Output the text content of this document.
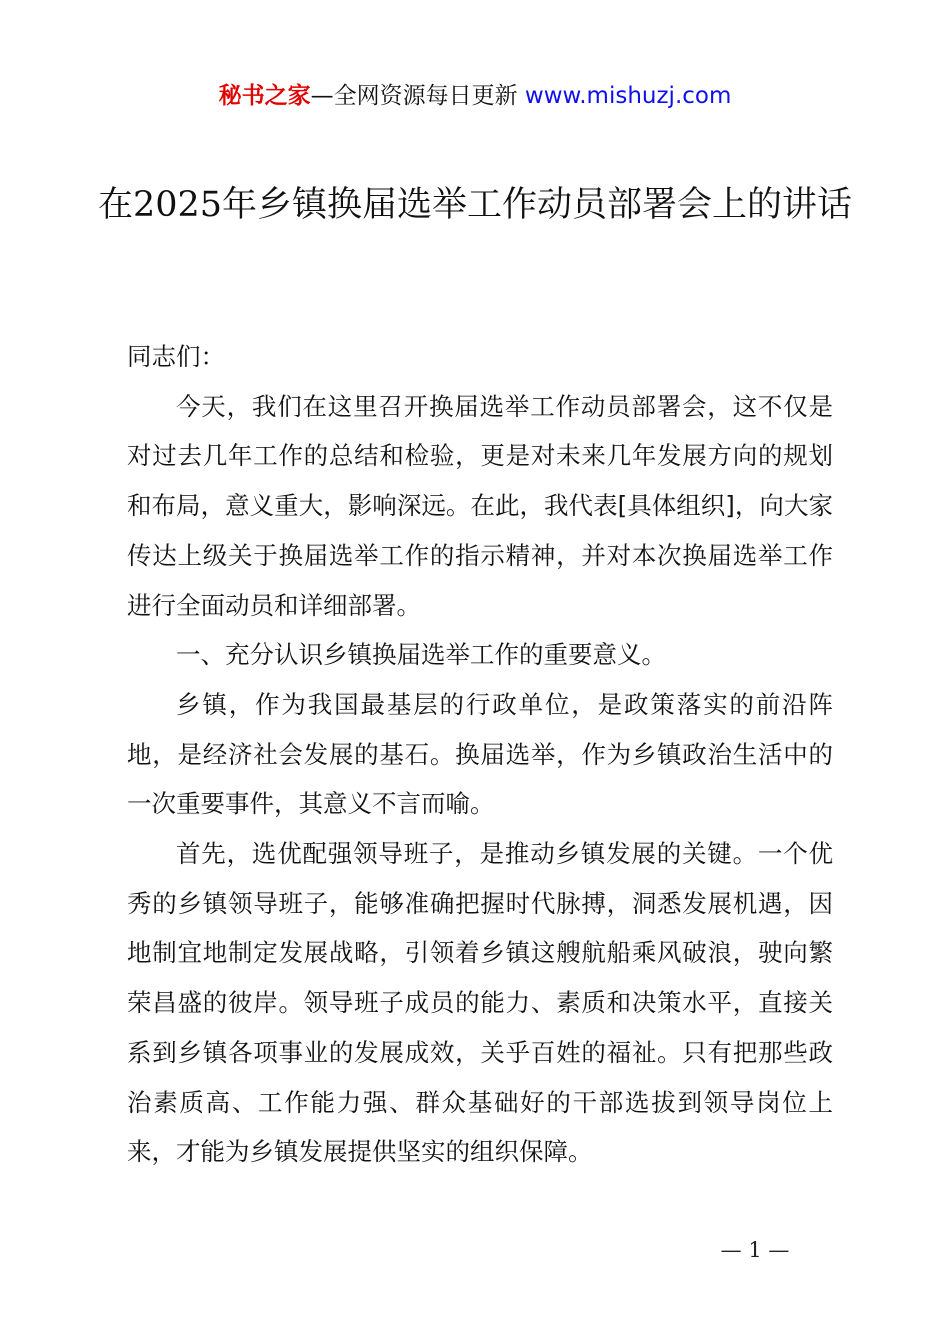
秘书之家—全网资源每日更新 www.mishuzj.com
在2025年乡镇换届选举工作动员部署会上的讲话

同志们：

今天，我们在这里召开换届选举工作动员部署会，这不仅是对过去几年工作的总结和检验，更是对未来几年发展方向的规划和布局，意义重大，影响深远。在此，我代表[具体组织]，向大家传达上级关于换届选举工作的指示精神，并对本次换届选举工作进行全面动员和详细部署。

一、充分认识乡镇换届选举工作的重要意义。

乡镇，作为我国最基层的行政单位，是政策落实的前沿阵地，是经济社会发展的基石。换届选举，作为乡镇政治生活中的一次重要事件，其意义不言而喻。

首先，选优配强领导班子，是推动乡镇发展的关键。一个优秀的乡镇领导班子，能够准确把握时代脉搏，洞悉发展机遇，因地制宜地制定发展战略，引领着乡镇这艘航船乘风破浪，驶向繁荣昌盛的彼岸。领导班子成员的能力、素质和决策水平，直接关系到乡镇各项事业的发展成效，关乎百姓的福祉。只有把那些政治素质高、工作能力强、群众基础好的干部选拔到领导岗位上来，才能为乡镇发展提供坚实的组织保障。

— 1 —
